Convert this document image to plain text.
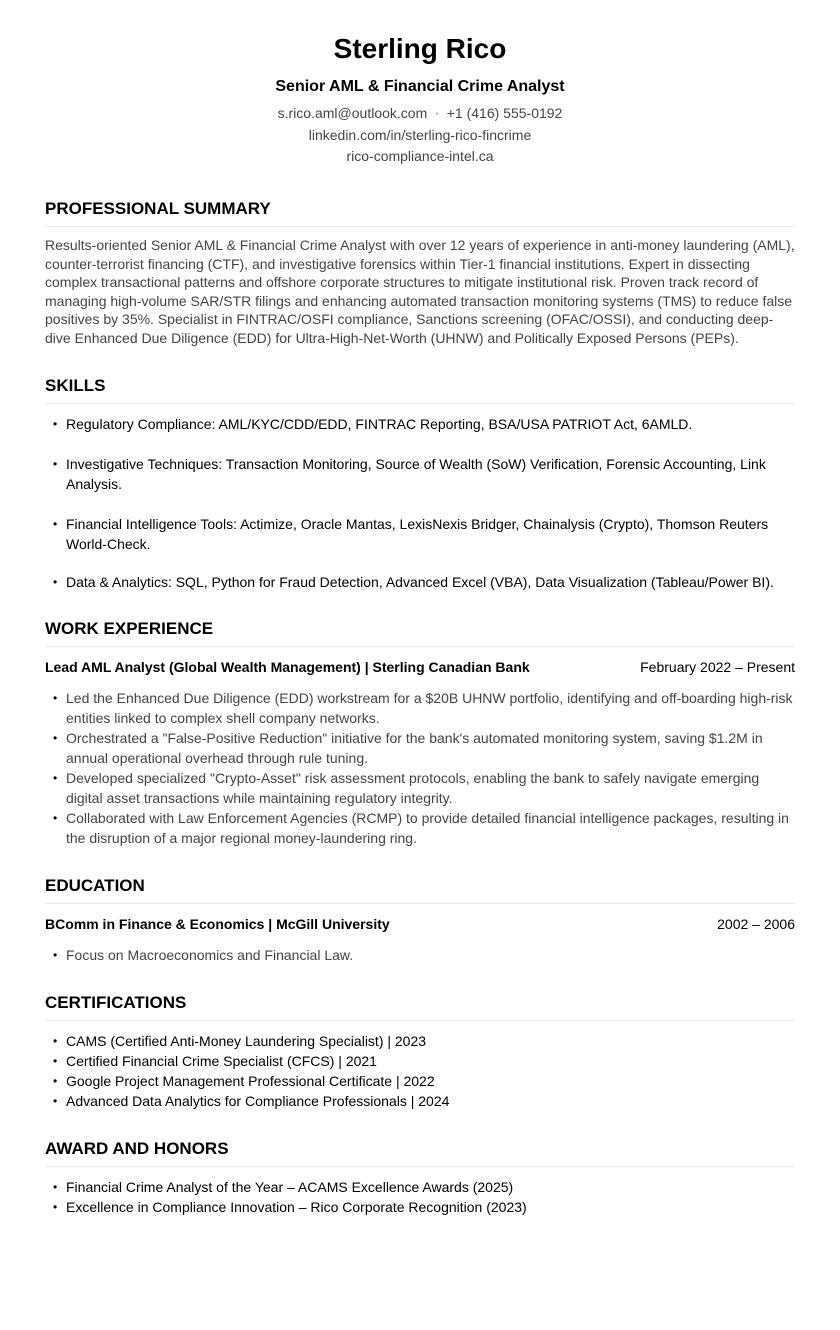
Sterling Rico
Senior AML & Financial Crime Analyst
s.rico.aml@outlook.com • +1 (416) 555-0192
linkedin.com/in/sterling-rico-fincrime
rico-compliance-intel.ca
PROFESSIONAL SUMMARY
Results-oriented Senior AML & Financial Crime Analyst with over 12 years of experience in anti-money laundering (AML), counter-terrorist financing (CTF), and investigative forensics within Tier-1 financial institutions. Expert in dissecting complex transactional patterns and offshore corporate structures to mitigate institutional risk. Proven track record of managing high-volume SAR/STR filings and enhancing automated transaction monitoring systems (TMS) to reduce false positives by 35%. Specialist in FINTRAC/OSFI compliance, Sanctions screening (OFAC/OSSI), and conducting deep-dive Enhanced Due Diligence (EDD) for Ultra-High-Net-Worth (UHNW) and Politically Exposed Persons (PEPs).
SKILLS
• Regulatory Compliance: AML/KYC/CDD/EDD, FINTRAC Reporting, BSA/USA PATRIOT Act, 6AMLD.
• Investigative Techniques: Transaction Monitoring, Source of Wealth (SoW) Verification, Forensic Accounting, Link Analysis.
• Financial Intelligence Tools: Actimize, Oracle Mantas, LexisNexis Bridger, Chainalysis (Crypto), Thomson Reuters World-Check.
• Data & Analytics: SQL, Python for Fraud Detection, Advanced Excel (VBA), Data Visualization (Tableau/Power BI).
WORK EXPERIENCE
Lead AML Analyst (Global Wealth Management) | Sterling Canadian Bank	February 2022 – Present
• Led the Enhanced Due Diligence (EDD) workstream for a $20B UHNW portfolio, identifying and off-boarding high-risk entities linked to complex shell company networks.
• Orchestrated a "False-Positive Reduction" initiative for the bank's automated monitoring system, saving $1.2M in annual operational overhead through rule tuning.
• Developed specialized "Crypto-Asset" risk assessment protocols, enabling the bank to safely navigate emerging digital asset transactions while maintaining regulatory integrity.
• Collaborated with Law Enforcement Agencies (RCMP) to provide detailed financial intelligence packages, resulting in the disruption of a major regional money-laundering ring.
EDUCATION
BComm in Finance & Economics | McGill University	2002 – 2006
• Focus on Macroeconomics and Financial Law.
CERTIFICATIONS
• CAMS (Certified Anti-Money Laundering Specialist) | 2023
• Certified Financial Crime Specialist (CFCS) | 2021
• Google Project Management Professional Certificate | 2022
• Advanced Data Analytics for Compliance Professionals | 2024
AWARD AND HONORS
• Financial Crime Analyst of the Year – ACAMS Excellence Awards (2025)
• Excellence in Compliance Innovation – Rico Corporate Recognition (2023)
